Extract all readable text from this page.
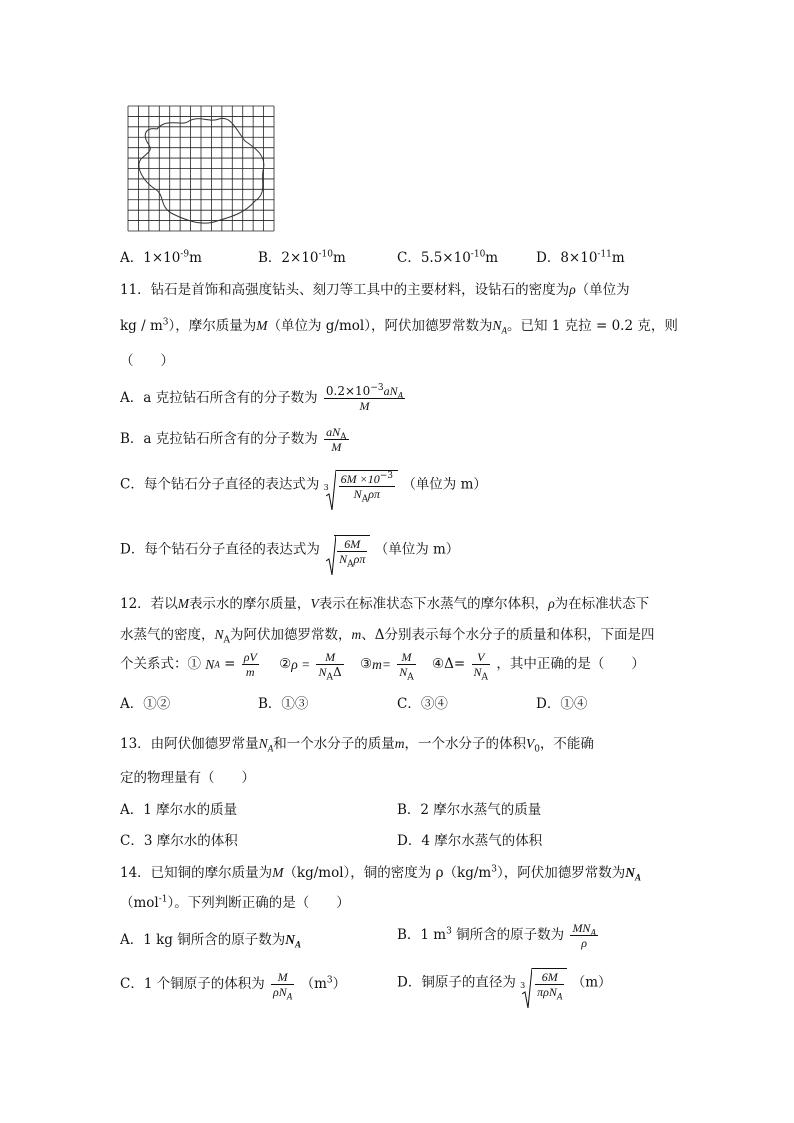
A．$1\times 10^{-9}m$	B．$2\times 10^{-10}m$	C．$5.5\times 10^{-10}m$	D．$8\times 10^{-11}m$
11．钻石是首饰和高强度钻头、刻刀等工具中的主要材料，设钻石的密度为ρ（单位为
kg / $m^3$），摩尔质量为M（单位为 g/mol），阿伏加德罗常数为$N_A$。已知 1 克拉 = 0.2 克，则
（　　）
A．a 克拉钻石所含有的分子数为 $\frac{0.2\times 10^{-3}aN_A}{M}$
B．a 克拉钻石所含有的分子数为 $\frac{aN_A}{M}$
C．每个钻石分子直径的表达式为 $3 \frac{6M \times 10^{-3}}{N_A\rho\pi}$ （单位为 m）
D．每个钻石分子直径的表达式为 $\frac{6M}{N_A\rho\pi}$ （单位为 m）
12．若以M表示水的摩尔质量，V表示在标准状态下水蒸气的摩尔体积，ρ为在标准状态下
水蒸气的密度，$N_A$为阿伏加德罗常数，m、Δ分别表示每个水分子的质量和体积，下面是四
个关系式：① NA = $\frac{\rho V}{m}$ ②ρ = $\frac{M}{N_A\Delta}$ ③m= $\frac{M}{N_A}$ ④Δ= $\frac{V}{N_A}$ ，其中正确的是（　　）
A．①②	B．①③	C．③④	D．①④
13．由阿伏伽德罗常量$N_A$和一个水分子的质量m，一个水分子的体积$V_0$，不能确
定的物理量有（　　）
A．1 摩尔水的质量	B．2 摩尔水蒸气的质量
C．3 摩尔水的体积	D．4 摩尔水蒸气的体积
14．已知铜的摩尔质量为M（kg/mol），铜的密度为 $\rho(kg/m^3)$，阿伏加德罗常数为$N_A$
（mol$^{-1}$）。下列判断正确的是（　　）
A．1 kg 铜所含的原子数为$N_A$
B．1 $m^3$ 铜所含的原子数为 $\frac{MN_A}{\rho}$
C．1 个铜原子的体积为 $\frac{M}{\rho N_A} (m^3)$	D．铜原子的直径为 $3 \frac{6M}{\pi\rho N_A} (m)$
